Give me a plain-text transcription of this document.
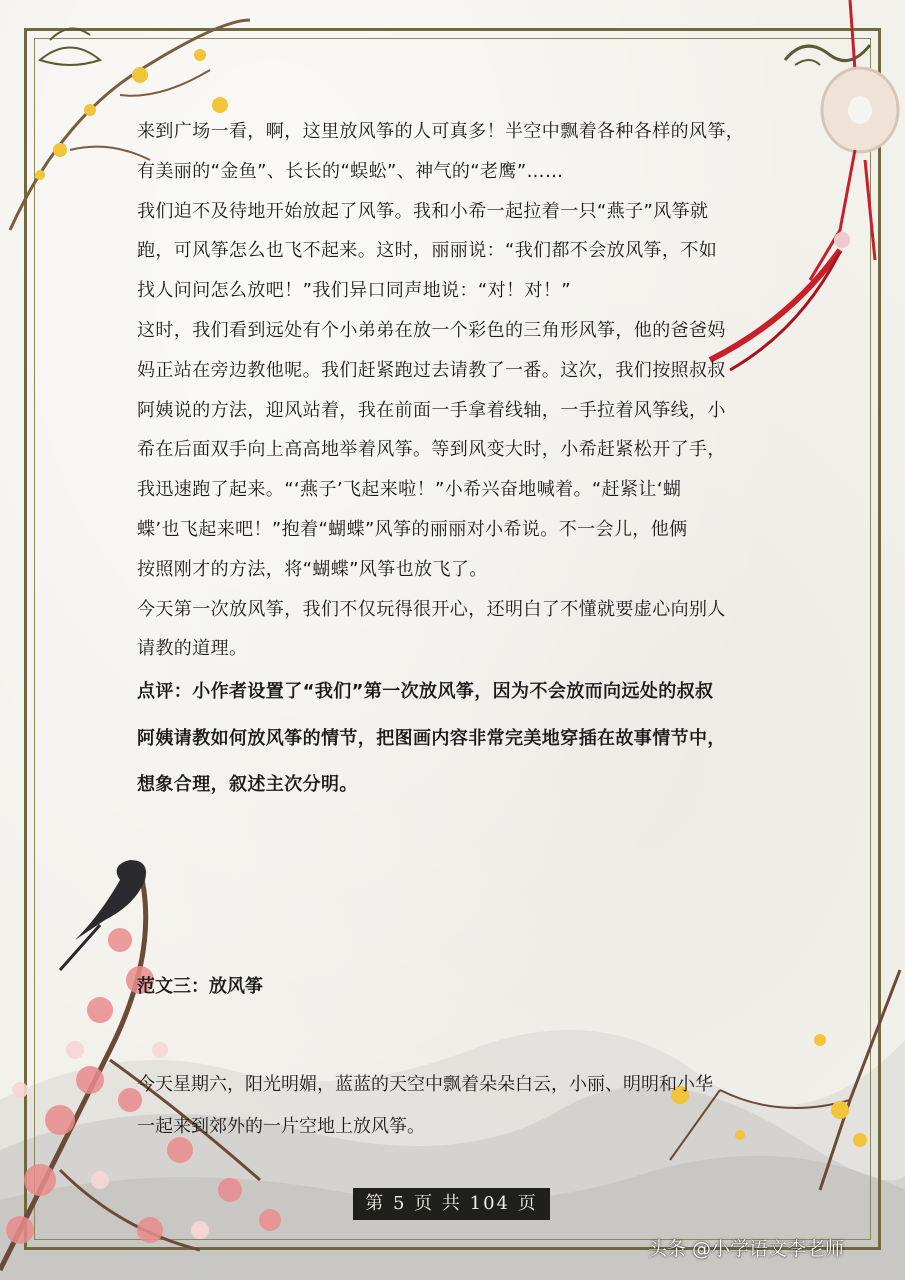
来到广场一看，啊，这里放风筝的人可真多！半空中飘着各种各样的风筝，
有美丽的“金鱼”、长长的“蜈蚣”、神气的“老鹰”……

我们迫不及待地开始放起了风筝。我和小希一起拉着一只“燕子”风筝就
跑，可风筝怎么也飞不起来。这时，丽丽说：“我们都不会放风筝，不如
找人问问怎么放吧！”我们异口同声地说：“对！对！”

这时，我们看到远处有个小弟弟在放一个彩色的三角形风筝，他的爸爸妈
妈正站在旁边教他呢。我们赶紧跑过去请教了一番。这次，我们按照叔叔
阿姨说的方法，迎风站着，我在前面一手拿着线轴，一手拉着风筝线，小
希在后面双手向上高高地举着风筝。等到风变大时，小希赶紧松开了手，
我迅速跑了起来。“‘燕子’飞起来啦！”小希兴奋地喊着。“赶紧让‘蝴
蝶’也飞起来吧！”抱着“蝴蝶”风筝的丽丽对小希说。不一会儿，他俩
按照刚才的方法，将“蝴蝶”风筝也放飞了。

今天第一次放风筝，我们不仅玩得很开心，还明白了不懂就要虚心向别人
请教的道理。

点评：小作者设置了“我们”第一次放风筝，因为不会放而向远处的叔叔
阿姨请教如何放风筝的情节，把图画内容非常完美地穿插在故事情节中，
想象合理，叙述主次分明。

范文三：放风筝
今天星期六，阳光明媚，蓝蓝的天空中飘着朵朵白云，小丽、明明和小华
一起来到郊外的一片空地上放风筝。
第 5 页 共 104 页
头条 @小学语文李老师
